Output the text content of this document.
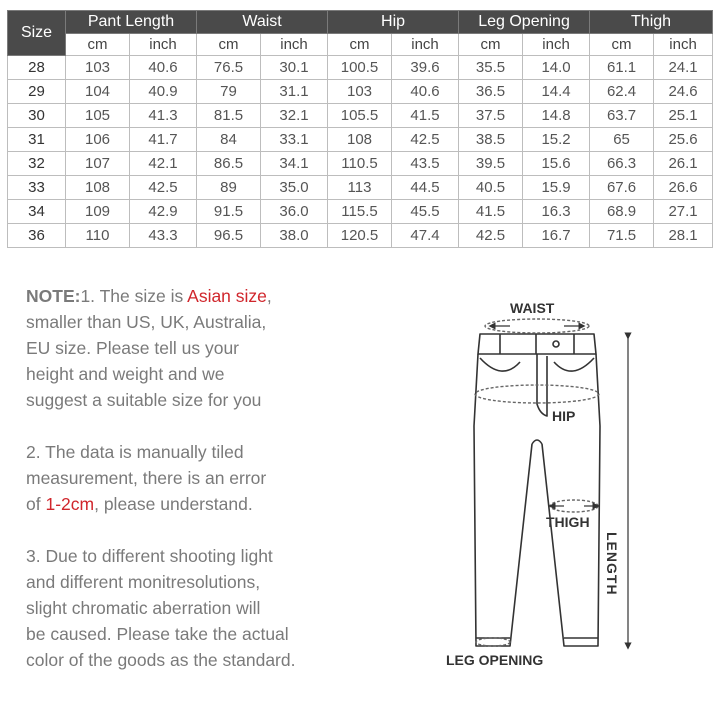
Size	Pant Length		Waist		Hip		Leg Opening		Thigh	
	cm	inch	cm	inch	cm	inch	cm	inch	cm	inch
28	103	40.6	76.5	30.1	100.5	39.6	35.5	14.0	61.1	24.1
29	104	40.9	79	31.1	103	40.6	36.5	14.4	62.4	24.6
30	105	41.3	81.5	32.1	105.5	41.5	37.5	14.8	63.7	25.1
31	106	41.7	84	33.1	108	42.5	38.5	15.2	65	25.6
32	107	42.1	86.5	34.1	110.5	43.5	39.5	15.6	66.3	26.1
33	108	42.5	89	35.0	113	44.5	40.5	15.9	67.6	26.6
34	109	42.9	91.5	36.0	115.5	45.5	41.5	16.3	68.9	27.1
36	110	43.3	96.5	38.0	120.5	47.4	42.5	16.7	71.5	28.1

NOTE:1. The size is Asian size,
smaller than US, UK, Australia,
EU size. Please tell us your
height and weight and we
suggest a suitable size for you

2. The data is manually tiled
measurement, there is an error
of 1-2cm, please understand.

3. Due to different shooting light
and different monitresolutions,
slight chromatic aberration will
be caused. Please take the actual
color of the goods as the standard.

WAIST
HIP
THIGH
LENGTH
LEG OPENING
